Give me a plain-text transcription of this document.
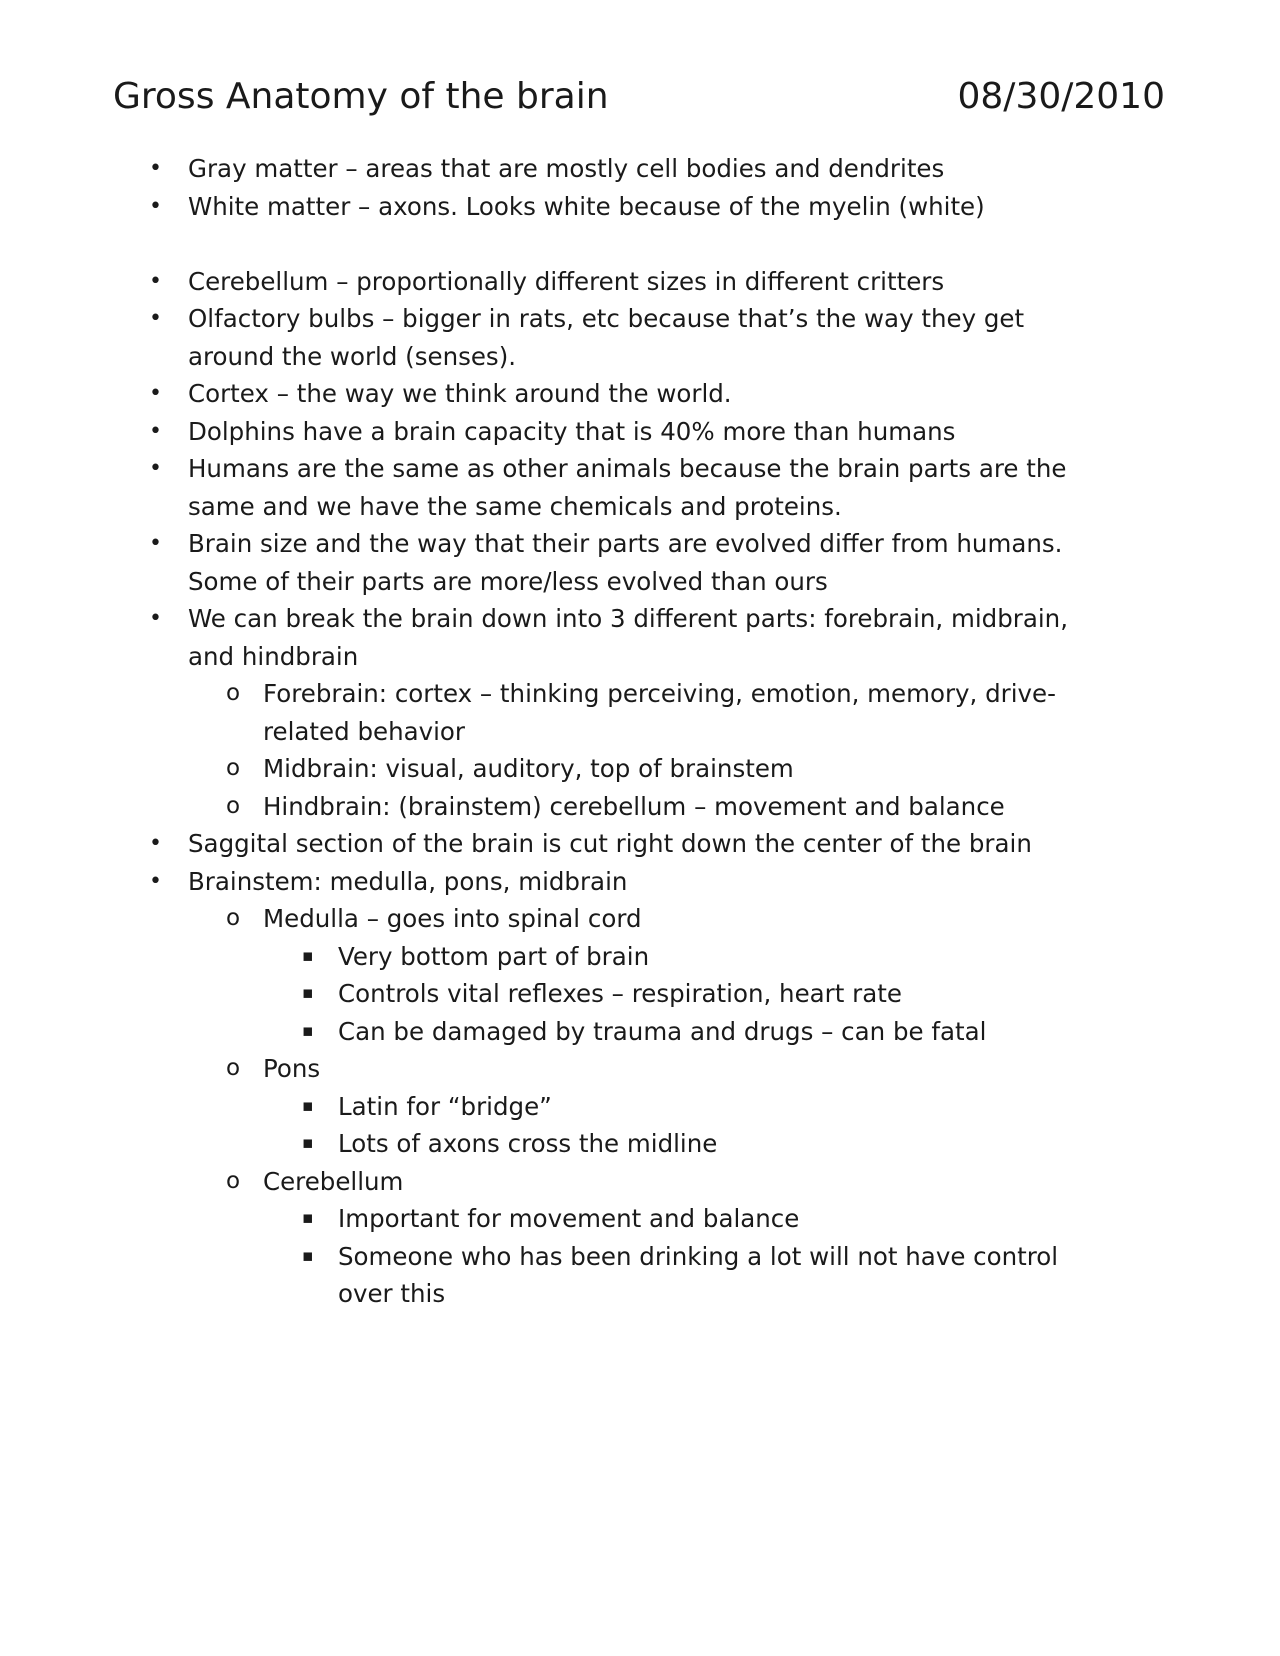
Gross Anatomy of the brain	08/30/2010
• Gray matter – areas that are mostly cell bodies and dendrites
• White matter – axons. Looks white because of the myelin (white)
• Cerebellum – proportionally different sizes in different critters
• Olfactory bulbs – bigger in rats, etc because that’s the way they get
around the world (senses).
• Cortex – the way we think around the world.
• Dolphins have a brain capacity that is 40% more than humans
• Humans are the same as other animals because the brain parts are the
same and we have the same chemicals and proteins.
• Brain size and the way that their parts are evolved differ from humans.
Some of their parts are more/less evolved than ours
• We can break the brain down into 3 different parts: forebrain, midbrain,
and hindbrain
o Forebrain: cortex – thinking perceiving, emotion, memory, drive-
related behavior
o Midbrain: visual, auditory, top of brainstem
o Hindbrain: (brainstem) cerebellum – movement and balance
• Saggital section of the brain is cut right down the center of the brain
• Brainstem: medulla, pons, midbrain
o Medulla – goes into spinal cord
▪ Very bottom part of brain
▪ Controls vital reflexes – respiration, heart rate
▪ Can be damaged by trauma and drugs – can be fatal
o Pons
▪ Latin for “bridge”
▪ Lots of axons cross the midline
o Cerebellum
▪ Important for movement and balance
▪ Someone who has been drinking a lot will not have control
over this
